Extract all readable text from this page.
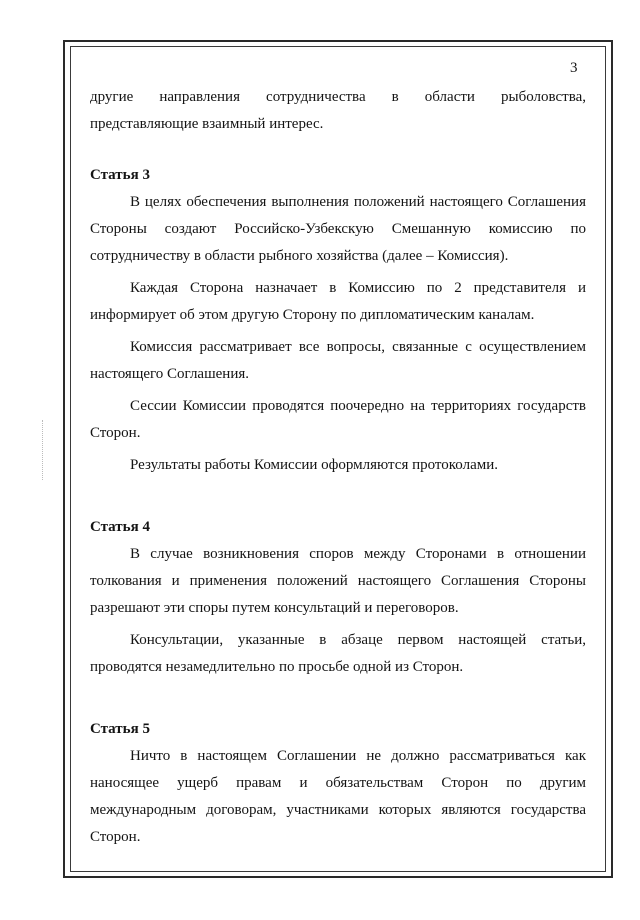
3

другие направления сотрудничества в области рыболовства, представляющие взаимный интерес.

Статья 3

В целях обеспечения выполнения положений настоящего Соглашения Стороны создают Российско-Узбекскую Смешанную комиссию по сотрудничеству в области рыбного хозяйства (далее – Комиссия).

Каждая Сторона назначает в Комиссию по 2 представителя и информирует об этом другую Сторону по дипломатическим каналам.

Комиссия рассматривает все вопросы, связанные с осуществлением настоящего Соглашения.

Сессии Комиссии проводятся поочередно на территориях государств Сторон.

Результаты работы Комиссии оформляются протоколами.

Статья 4

В случае возникновения споров между Сторонами в отношении толкования и применения положений настоящего Соглашения Стороны разрешают эти споры путем консультаций и переговоров.

Консультации, указанные в абзаце первом настоящей статьи, проводятся незамедлительно по просьбе одной из Сторон.

Статья 5

Ничто в настоящем Соглашении не должно рассматриваться как наносящее ущерб правам и обязательствам Сторон по другим международным договорам, участниками которых являются государства Сторон.
